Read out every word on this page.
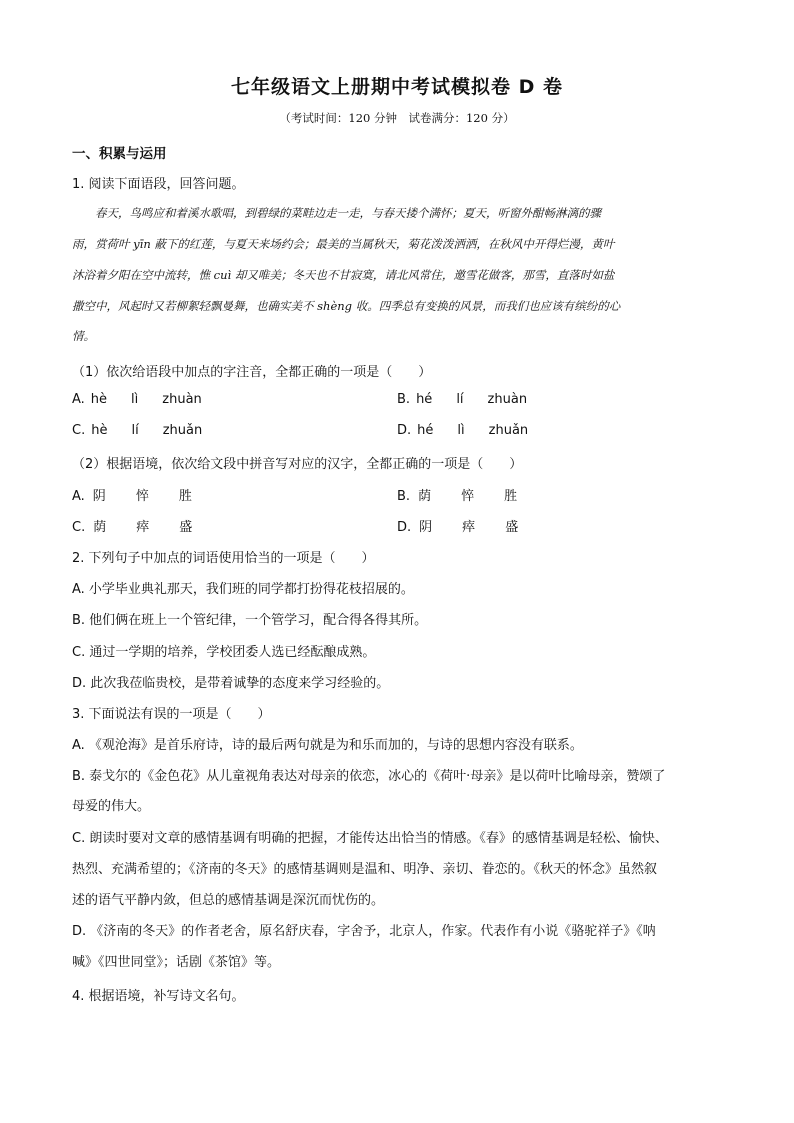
七年级语文上册期中考试模拟卷 D 卷
（考试时间：120 分钟　试卷满分：120 分）
一、积累与运用
1. 阅读下面语段，回答问题。
　　春天，鸟鸣应和着溪水歌唱，到碧绿的菜畦边走一走，与春天搂个满怀；夏天，听窗外酣畅淋漓的骤
雨，赏荷叶 yīn 蔽下的红莲，与夏天来场约会；最美的当属秋天，菊花泼泼洒洒，在秋风中开得烂漫，黄叶
沐浴着夕阳在空中流转，憔 cuì 却又唯美；冬天也不甘寂寞，请北风常住，邀雪花做客，那雪，直落时如盐
撒空中，风起时又若柳絮轻飘曼舞，也确实美不 shèng 收。四季总有变换的风景，而我们也应该有缤纷的心
情。
（1）依次给语段中加点的字注音，全都正确的一项是（　　）
A. hè lì zhuàn	B. hé lí zhuàn
C. hè lí zhuǎn	D. hé lì zhuǎn
（2）根据语境，依次给文段中拼音写对应的汉字，全都正确的一项是（　　）
A. 阴 悴 胜	B. 荫 悴 胜
C. 荫 瘁 盛	D. 阴 瘁 盛
2. 下列句子中加点的词语使用恰当的一项是（　　）
A. 小学毕业典礼那天，我们班的同学都打扮得花枝招展的。
B. 他们俩在班上一个管纪律，一个管学习，配合得各得其所。
C. 通过一学期的培养，学校团委人选已经酝酿成熟。
D. 此次我莅临贵校，是带着诚挚的态度来学习经验的。
3. 下面说法有误的一项是（　　）
A. 《观沧海》是首乐府诗，诗的最后两句就是为和乐而加的，与诗的思想内容没有联系。
B. 泰戈尔的《金色花》从儿童视角表达对母亲的依恋，冰心的《荷叶·母亲》是以荷叶比喻母亲，赞颂了
母爱的伟大。
C. 朗读时要对文章的感情基调有明确的把握，才能传达出恰当的情感。《春》的感情基调是轻松、愉快、
热烈、充满希望的；《济南的冬天》的感情基调则是温和、明净、亲切、眷恋的。《秋天的怀念》虽然叙
述的语气平静内敛，但总的感情基调是深沉而忧伤的。
D. 《济南的冬天》的作者老舍，原名舒庆春，字舍予，北京人，作家。代表作有小说《骆驼祥子》《呐
喊》《四世同堂》；话剧《茶馆》等。
4. 根据语境，补写诗文名句。
